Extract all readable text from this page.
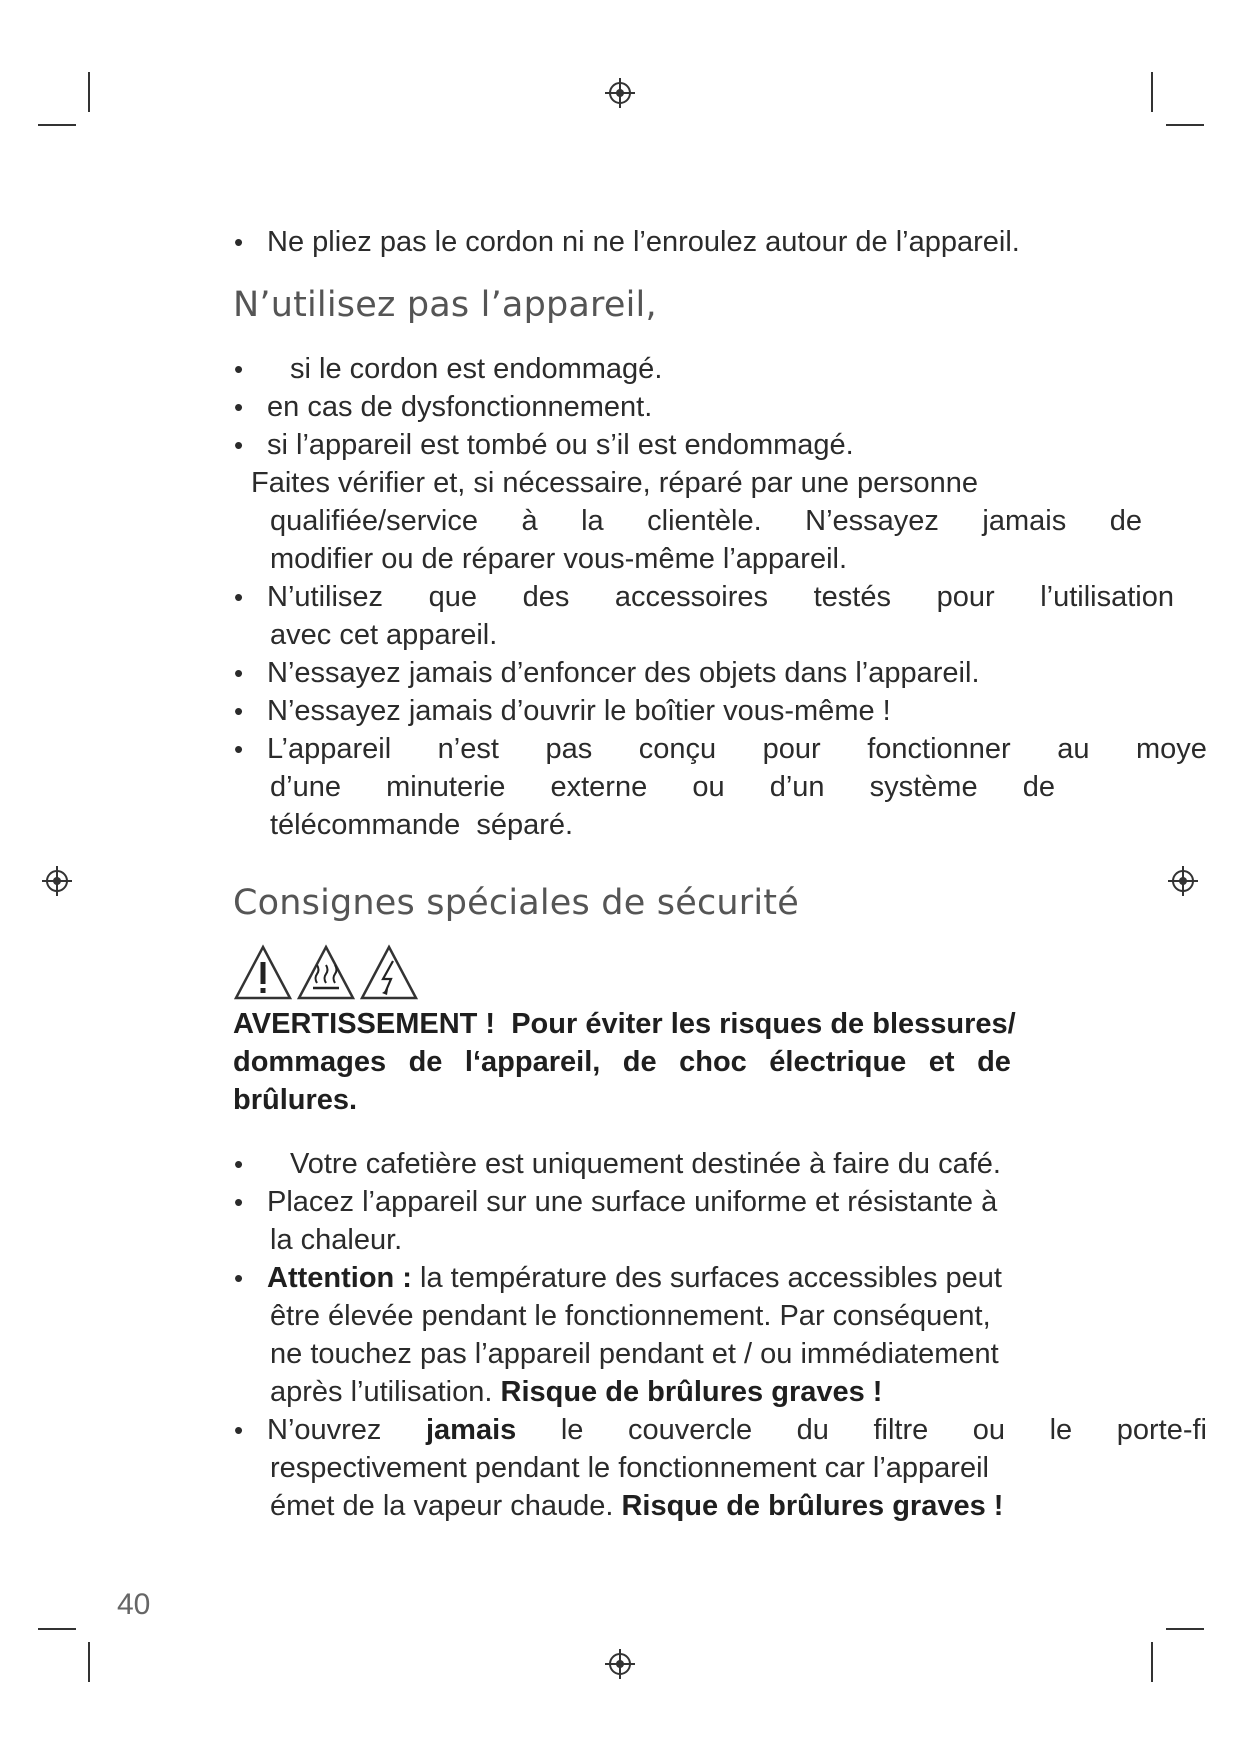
• Ne pliez pas le cordon ni ne l’enroulez autour de l’appareil.
N’utilisez pas l’appareil,
• si le cordon est endommagé.
• en cas de dysfonctionnement.
• si l’appareil est tombé ou s’il est endommagé.
Faites vérifier et, si nécessaire, réparé par une personne
qualifiée/service à la clientèle. N’essayez jamais de
modifier ou de réparer vous-même l’appareil.
• N’utilisez que des accessoires testés pour l’utilisation
avec cet appareil.
• N’essayez jamais d’enfoncer des objets dans l’appareil.
• N’essayez jamais d’ouvrir le boîtier vous-même !
• L’appareil n’est pas conçu pour fonctionner au moye
d’une minuterie externe ou d’un système de
télécommande  séparé.
Consignes spéciales de sécurité
AVERTISSEMENT !  Pour éviter les risques de blessures/
dommages de l‘appareil, de choc électrique et de
brûlures.
• Votre cafetière est uniquement destinée à faire du café.
• Placez l’appareil sur une surface uniforme et résistante à
la chaleur.
• Attention : la température des surfaces accessibles peut
être élevée pendant le fonctionnement. Par conséquent,
ne touchez pas l’appareil pendant et / ou immédiatement
après l’utilisation. Risque de brûlures graves !
• N’ouvrez jamais le couvercle du filtre ou le porte-fi
respectivement pendant le fonctionnement car l’appareil
émet de la vapeur chaude. Risque de brûlures graves !
40
